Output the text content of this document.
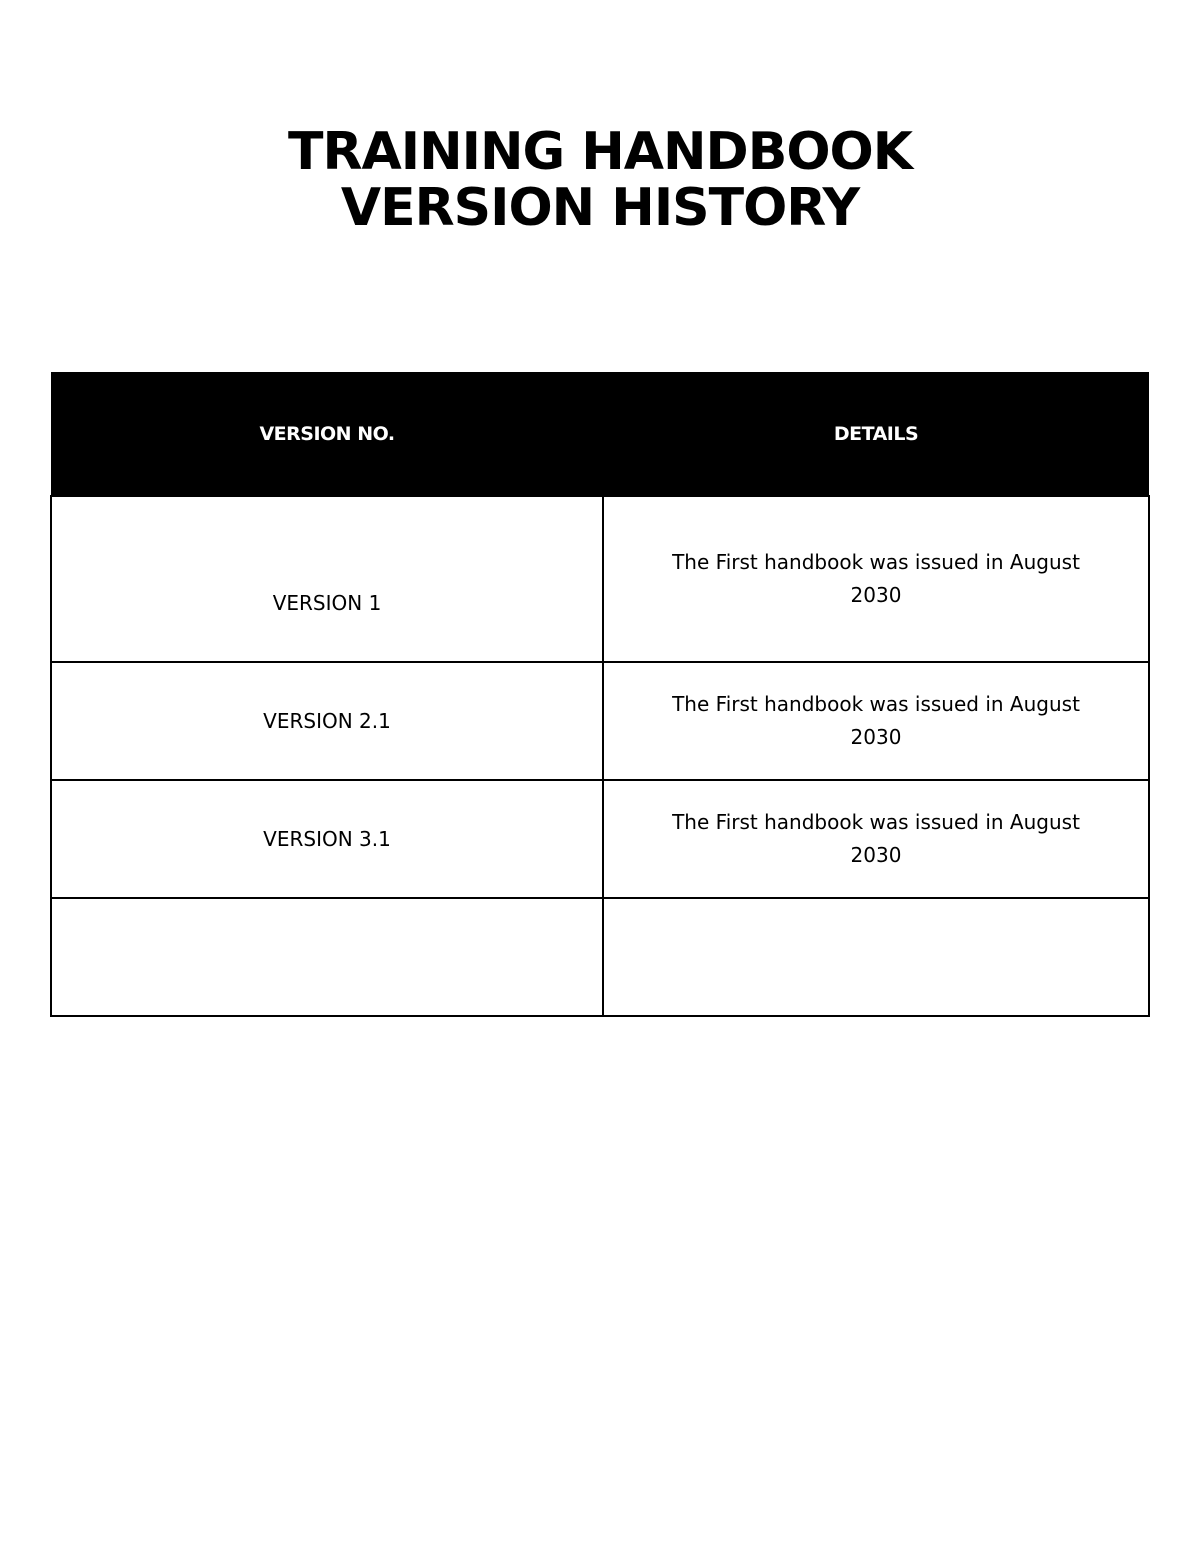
TRAINING HANDBOOK
VERSION HISTORY
VERSION NO.	DETAILS
VERSION 1	The First handbook was issued in August 2030
VERSION 2.1	The First handbook was issued in August 2030
VERSION 3.1	The First handbook was issued in August 2030
